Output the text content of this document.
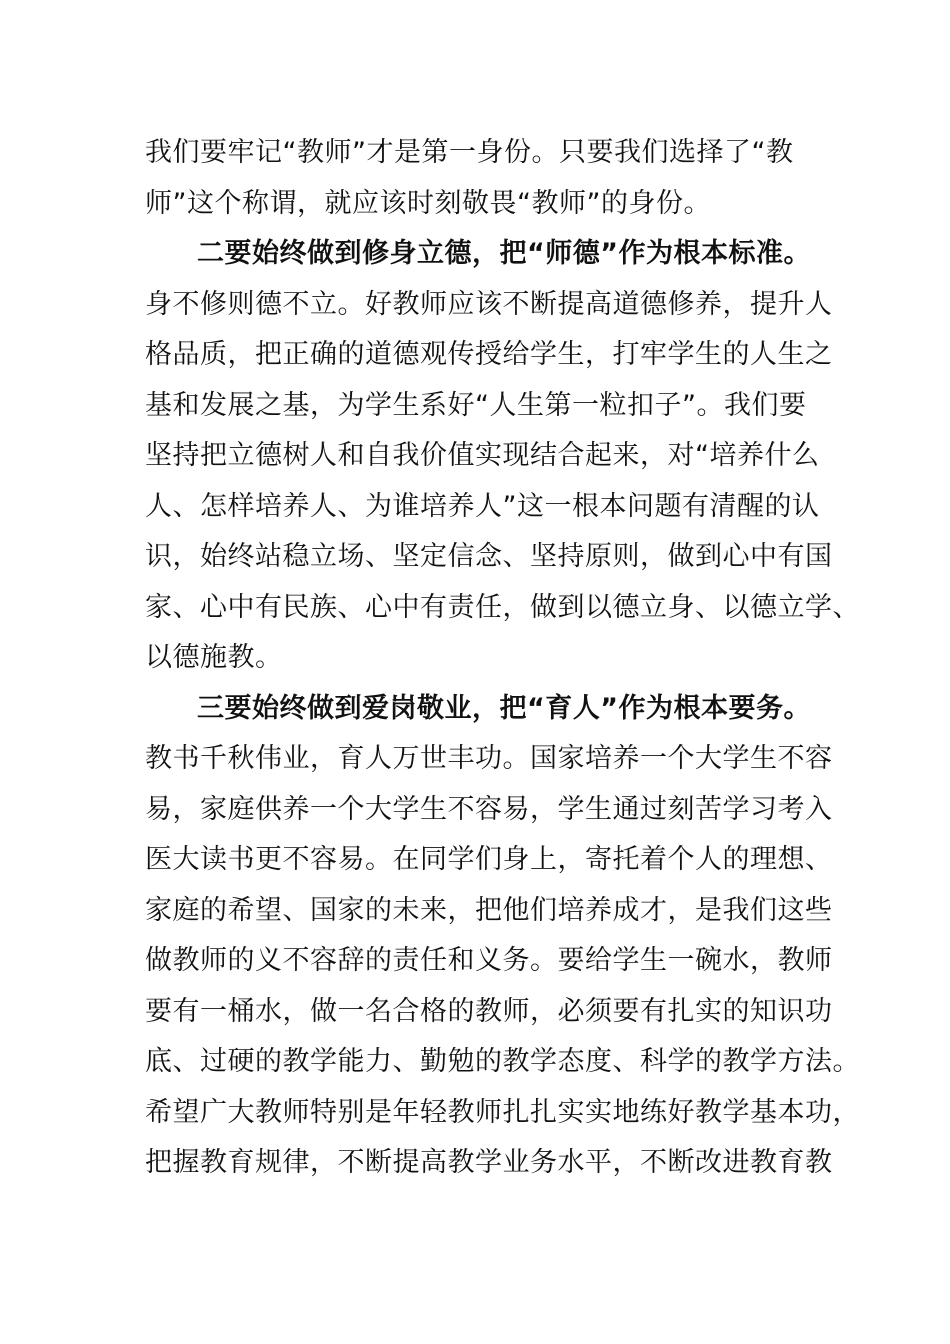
我们要牢记“教师”才是第一身份。只要我们选择了“教
师”这个称谓，就应该时刻敬畏“教师”的身份。
二要始终做到修身立德，把“师德”作为根本标准。
身不修则德不立。好教师应该不断提高道德修养，提升人
格品质，把正确的道德观传授给学生，打牢学生的人生之
基和发展之基，为学生系好“人生第一粒扣子”。我们要
坚持把立德树人和自我价值实现结合起来，对“培养什么
人、怎样培养人、为谁培养人”这一根本问题有清醒的认
识，始终站稳立场、坚定信念、坚持原则，做到心中有国
家、心中有民族、心中有责任，做到以德立身、以德立学、
以德施教。
三要始终做到爱岗敬业，把“育人”作为根本要务。
教书千秋伟业，育人万世丰功。国家培养一个大学生不容
易，家庭供养一个大学生不容易，学生通过刻苦学习考入
医大读书更不容易。在同学们身上，寄托着个人的理想、
家庭的希望、国家的未来，把他们培养成才，是我们这些
做教师的义不容辞的责任和义务。要给学生一碗水，教师
要有一桶水，做一名合格的教师，必须要有扎实的知识功
底、过硬的教学能力、勤勉的教学态度、科学的教学方法。
希望广大教师特别是年轻教师扎扎实实地练好教学基本功，
把握教育规律，不断提高教学业务水平，不断改进教育教
